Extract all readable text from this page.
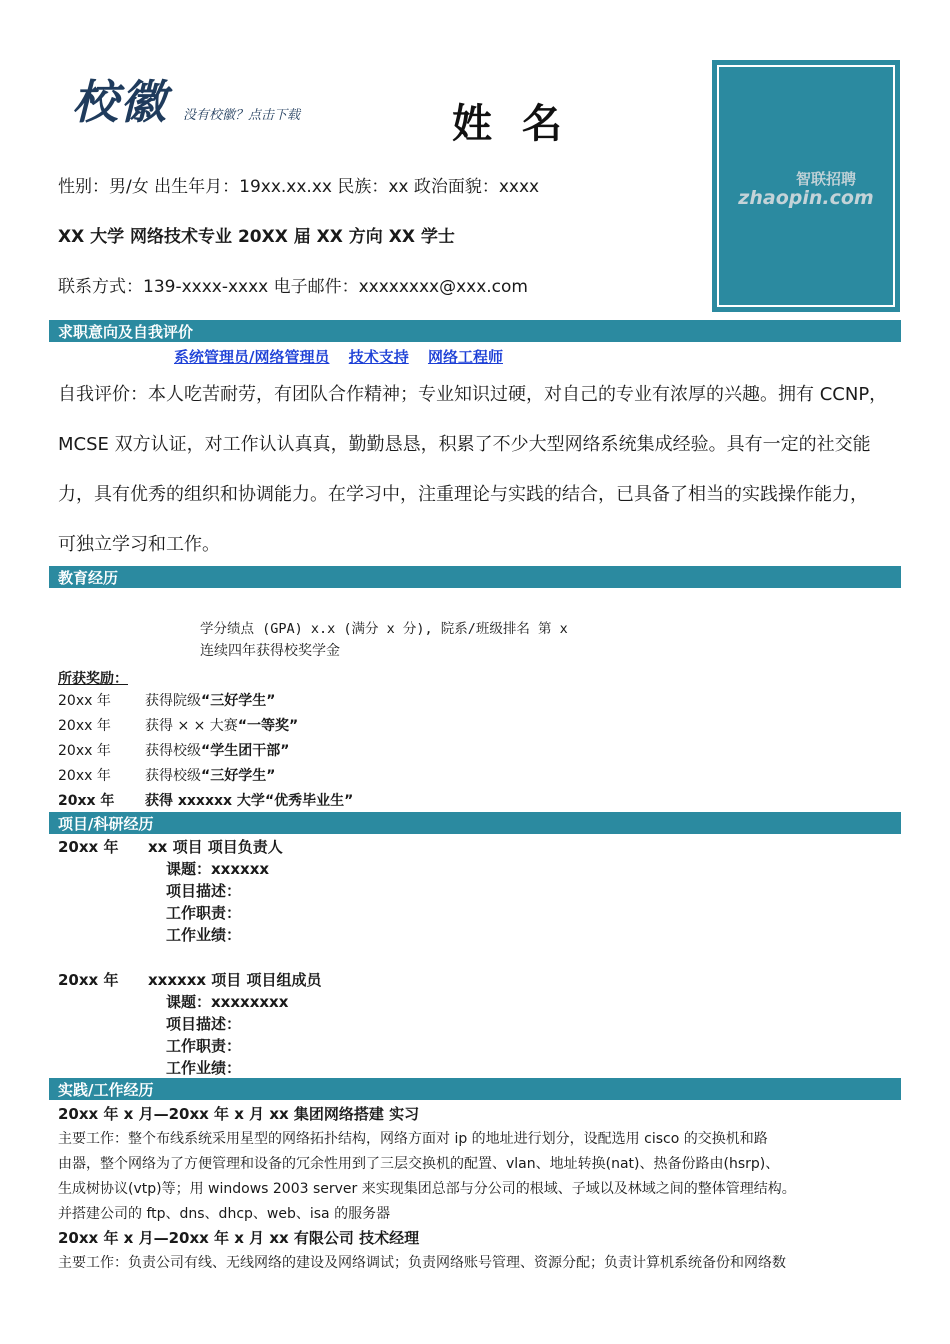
校徽 没有校徽？点击下载	姓 名
智联招聘
zhaopin.com
性别：男/女 出生年月：19xx.xx.xx 民族：xx 政治面貌：xxxx
XX 大学 网络技术专业 20XX 届 XX 方向 XX 学士
联系方式：139-xxxx-xxxx 电子邮件：xxxxxxxx@xxx.com
求职意向及自我评价
系统管理员/网络管理员 技术支持 网络工程师
自我评价：本人吃苦耐劳，有团队合作精神；专业知识过硬，对自己的专业有浓厚的兴趣。拥有 CCNP，
MCSE 双方认证，对工作认认真真，勤勤恳恳，积累了不少大型网络系统集成经验。具有一定的社交能
力，具有优秀的组织和协调能力。在学习中，注重理论与实践的结合，已具备了相当的实践操作能力，
可独立学习和工作。
教育经历
学分绩点 (GPA) x.x (满分 x 分), 院系/班级排名 第 x
连续四年获得校奖学金
所获奖励：
20xx 年 获得院级“三好学生”
20xx 年 获得 × × 大赛“一等奖”
20xx 年 获得校级“学生团干部”
20xx 年 获得校级“三好学生”
20xx 年 获得 xxxxxx 大学“优秀毕业生”
项目/科研经历
20xx 年 xx 项目 项目负责人
课题：xxxxxx
项目描述：
工作职责：
工作业绩：
20xx 年 xxxxxx 项目 项目组成员
课题：xxxxxxxx
项目描述：
工作职责：
工作业绩：
实践/工作经历
20xx 年 x 月—20xx 年 x 月 xx 集团网络搭建 实习
主要工作：整个布线系统采用星型的网络拓扑结构，网络方面对 ip 的地址进行划分，设配选用 cisco 的交换机和路
由器，整个网络为了方便管理和设备的冗余性用到了三层交换机的配置、vlan、地址转换(nat)、热备份路由(hsrp)、
生成树协议(vtp)等；用 windows 2003 server 来实现集团总部与分公司的根域、子域以及林域之间的整体管理结构。
并搭建公司的 ftp、dns、dhcp、web、isa 的服务器
20xx 年 x 月—20xx 年 x 月 xx 有限公司 技术经理
主要工作：负责公司有线、无线网络的建设及网络调试；负责网络账号管理、资源分配；负责计算机系统备份和网络数
